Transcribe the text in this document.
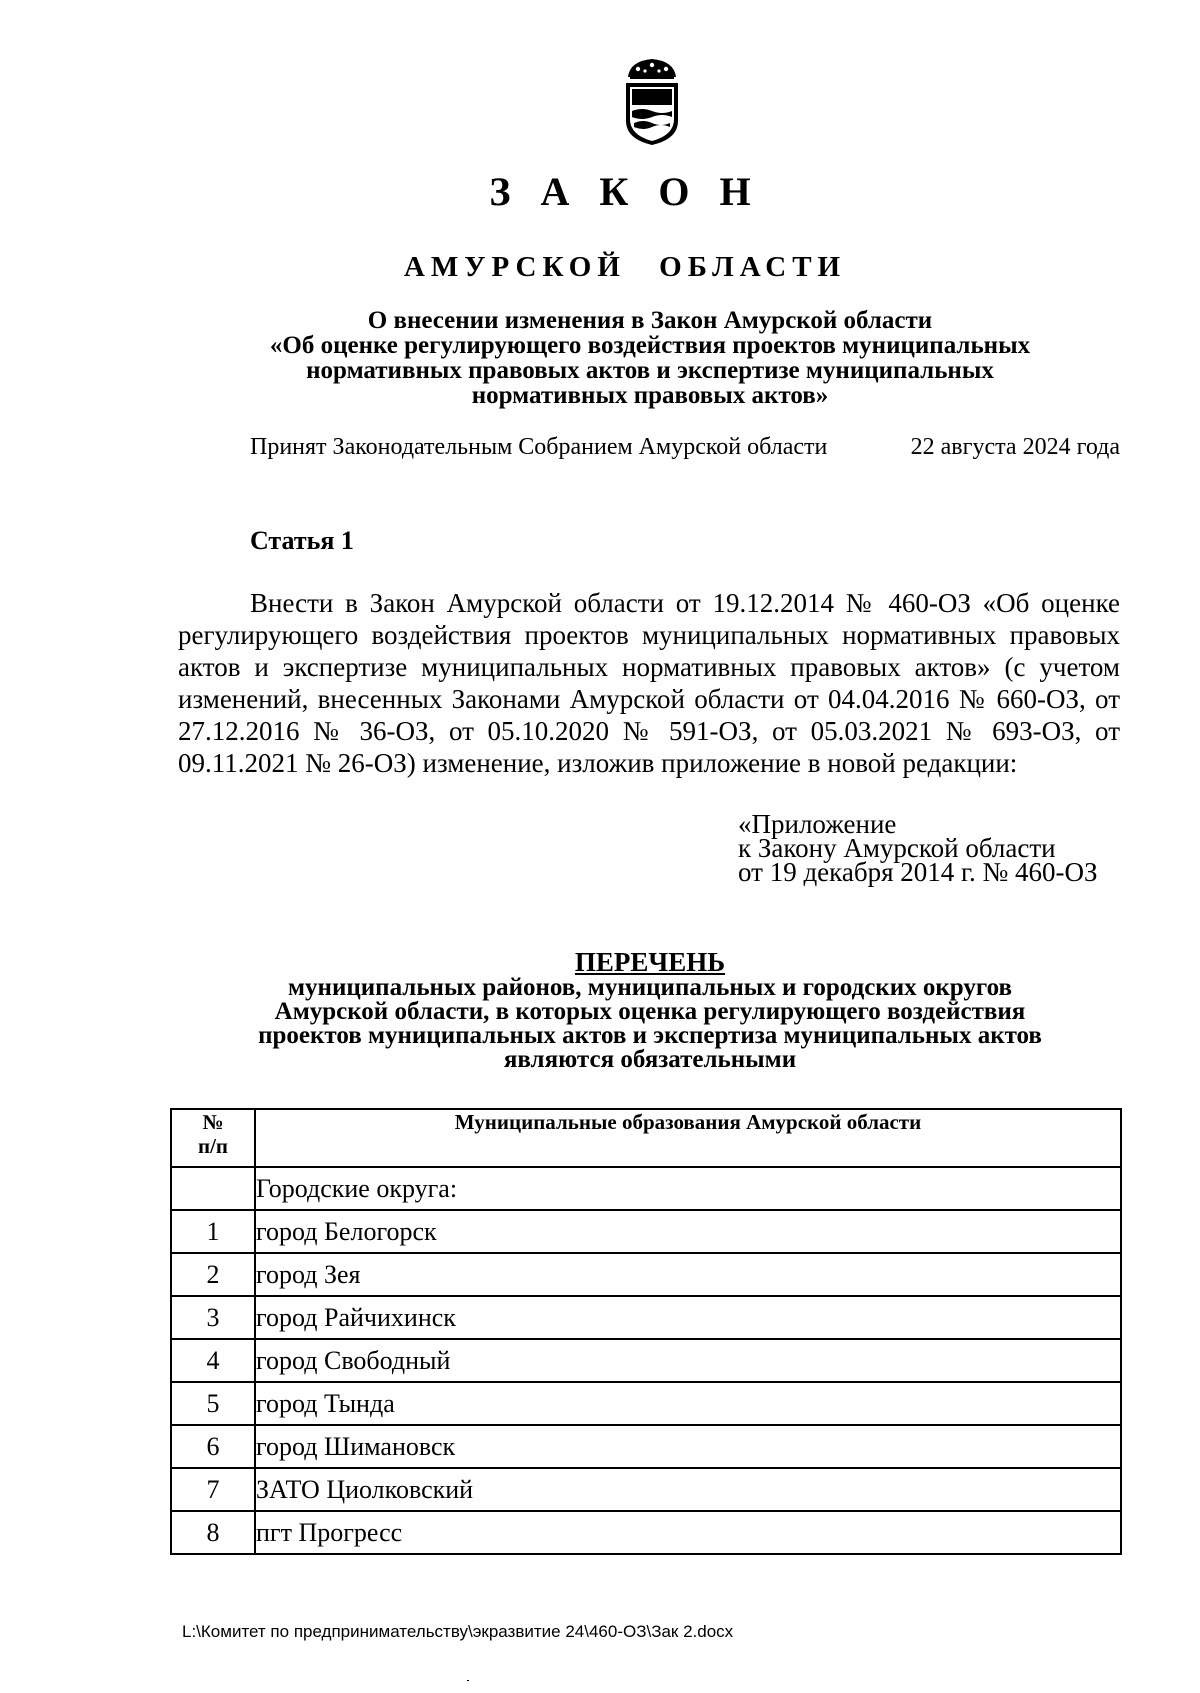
З А К О Н
АМУРСКОЙ ОБЛАСТИ
О внесении изменения в Закон Амурской области
«Об оценке регулирующего воздействия проектов муниципальных
нормативных правовых актов и экспертизе муниципальных
нормативных правовых актов»
Принят Законодательным Собранием Амурской области	22 августа 2024 года
Статья 1

Внести в Закон Амурской области от 19.12.2014 № 460-ОЗ «Об оценке регулирующего воздействия проектов муниципальных нормативных правовых актов и экспертизе муниципальных нормативных правовых актов» (с учетом изменений, внесенных Законами Амурской области от 04.04.2016 № 660-ОЗ, от 27.12.2016 № 36-ОЗ, от 05.10.2020 № 591-ОЗ, от 05.03.2021 № 693-ОЗ, от 09.11.2021 № 26-ОЗ) изменение, изложив приложение в новой редакции:

«Приложение
к Закону Амурской области
от 19 декабря 2014 г. № 460-ОЗ
ПЕРЕЧЕНЬ
муниципальных районов, муниципальных и городских округов
Амурской области, в которых оценка регулирующего воздействия
проектов муниципальных актов и экспертиза муниципальных актов
являются обязательными
№
п/п	Муниципальные образования Амурской области
	Городские округа:
1	город Белогорск
2	город Зея
3	город Райчихинск
4	город Свободный
5	город Тында
6	город Шимановск
7	ЗАТО Циолковский
8	пгт Прогресс
L:\Комитет по предпринимательству\экразвитие 24\460-ОЗ\Зак 2.docx
